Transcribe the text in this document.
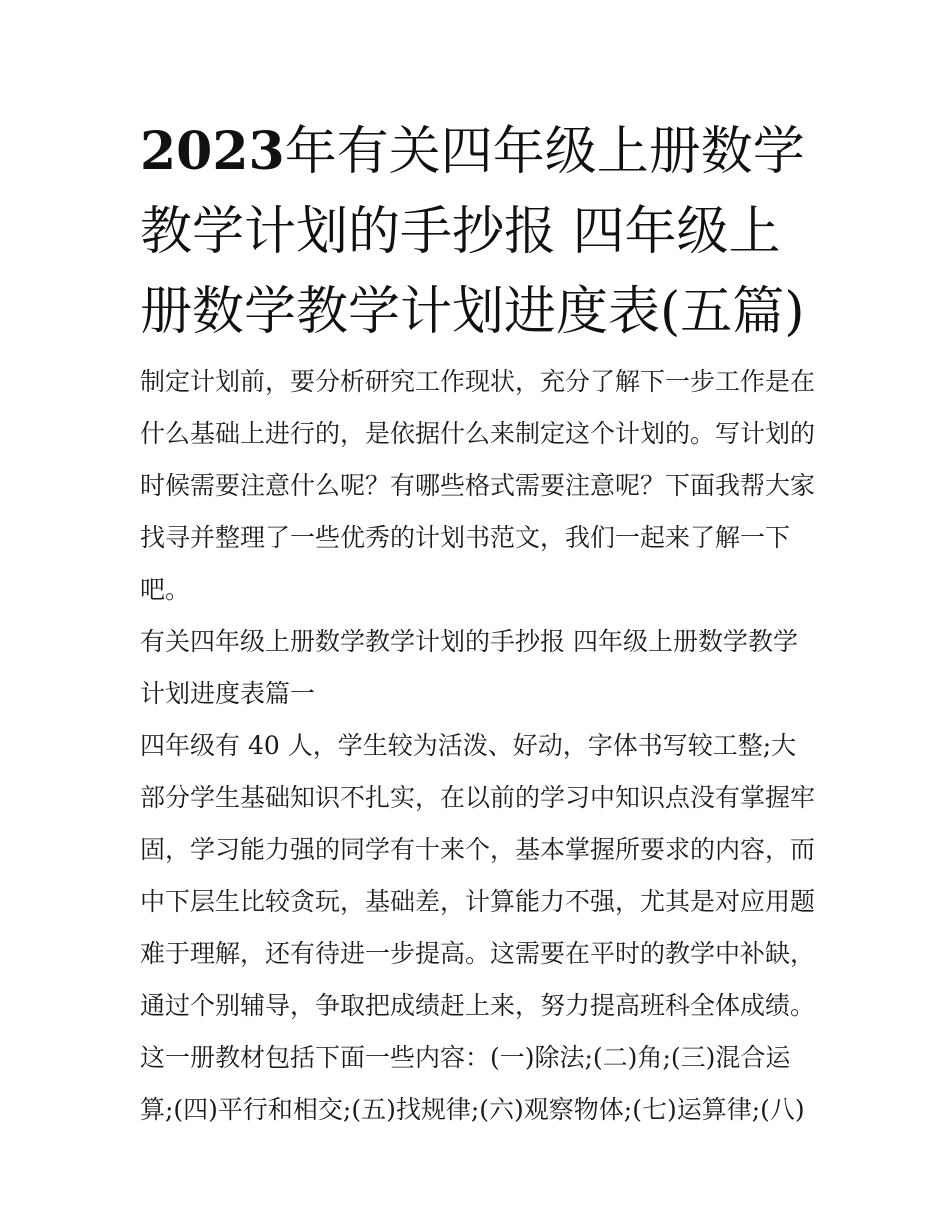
2023年有关四年级上册数学教学计划的手抄报 四年级上册数学教学计划进度表(五篇)

制定计划前，要分析研究工作现状，充分了解下一步工作是在什么基础上进行的，是依据什么来制定这个计划的。写计划的时候需要注意什么呢？有哪些格式需要注意呢？下面我帮大家找寻并整理了一些优秀的计划书范文，我们一起来了解一下吧。

有关四年级上册数学教学计划的手抄报 四年级上册数学教学计划进度表篇一

四年级有 40 人，学生较为活泼、好动，字体书写较工整;大部分学生基础知识不扎实，在以前的学习中知识点没有掌握牢固，学习能力强的同学有十来个，基本掌握所要求的内容，而中下层生比较贪玩，基础差，计算能力不强，尤其是对应用题难于理解，还有待进一步提高。这需要在平时的教学中补缺，通过个别辅导，争取把成绩赶上来，努力提高班科全体成绩。

这一册教材包括下面一些内容：(一)除法;(二)角;(三)混合运算;(四)平行和相交;(五)找规律;(六)观察物体;(七)运算律;(八)
